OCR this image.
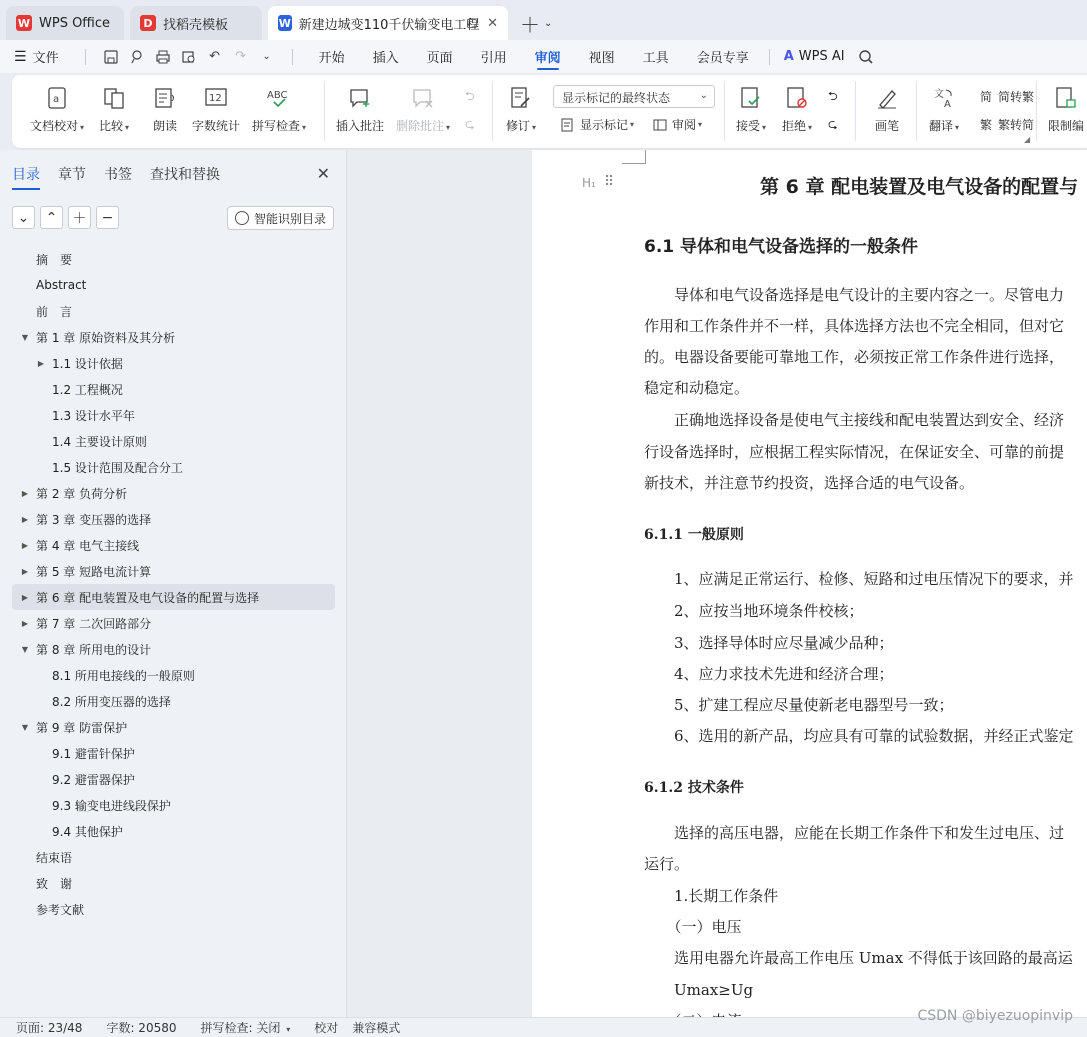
W WPS Office	D 找稻壳模板	W 新建边城变110千伏输变电工程 ✕	＋ ⌄
☰ 文件	↶	↷	⌄	开始 插入 页面 引用 审阅 视图 工具 会员专享	A WPS AI
a
文档校对 ▾ 比较 ▾ 朗读
12
字数统计
ABC
拼写检查 ▾ 插入批注 删除批注 ▾
⮌
⮎	修订 ▾
显示标记的最终状态	⌄
显示标记 ▾	审阅 ▾	接受 ▾ 拒绝 ▾
⮌
⮎	画笔
文
A
翻译 ▾
简 简转繁
繁 繁转简 限制编
◢
目录 章节 书签 查找和替换	✕
⌄	⌃	＋	−	智能识别目录
摘　要
Abstract
前　言
▼ 第 1 章 原始资料及其分析
▶ 1.1 设计依据
1.2 工程概况
1.3 设计水平年
1.4 主要设计原则
1.5 设计范围及配合分工
▶ 第 2 章 负荷分析
▶ 第 3 章 变压器的选择
▶ 第 4 章 电气主接线
▶ 第 5 章 短路电流计算
▶ 第 6 章 配电装置及电气设备的配置与选择
▶ 第 7 章 二次回路部分
▼ 第 8 章 所用电的设计
8.1 所用电接线的一般原则
8.2 所用变压器的选择
▼ 第 9 章 防雷保护
9.1 避雷针保护
9.2 避雷器保护
9.3 输变电进线段保护
9.4 其他保护
结束语
致　谢
参考文献
H₁ ⠿	第 6 章 配电装置及电气设备的配置与
6.1 导体和电气设备选择的一般条件
　　导体和电气设备选择是电气设计的主要内容之一。尽管电力
作用和工作条件并不一样，具体选择方法也不完全相同，但对它
的。电器设备要能可靠地工作，必须按正常工作条件进行选择，
稳定和动稳定。
　　正确地选择设备是使电气主接线和配电装置达到安全、经济
行设备选择时，应根据工程实际情况，在保证安全、可靠的前提
新技术，并注意节约投资，选择合适的电气设备。
6.1.1 一般原则
　　1、应满足正常运行、检修、短路和过电压情况下的要求，并
　　2、应按当地环境条件校核；
　　3、选择导体时应尽量减少品种；
　　4、应力求技术先进和经济合理；
　　5、扩建工程应尽量使新老电器型号一致；
　　6、选用的新产品，均应具有可靠的试验数据，并经正式鉴定
6.1.2 技术条件
　　选择的高压电器，应能在长期工作条件下和发生过电压、过
运行。
　　1.长期工作条件
　　（一）电压
　　选用电器允许最高工作电压 Umax 不得低于该回路的最高运
　　Umax≥Ug
页面: 23/48 字数: 20580 拼写检查: 关闭 ▾ 校对 兼容模式
CSDN @biyezuopinvip
